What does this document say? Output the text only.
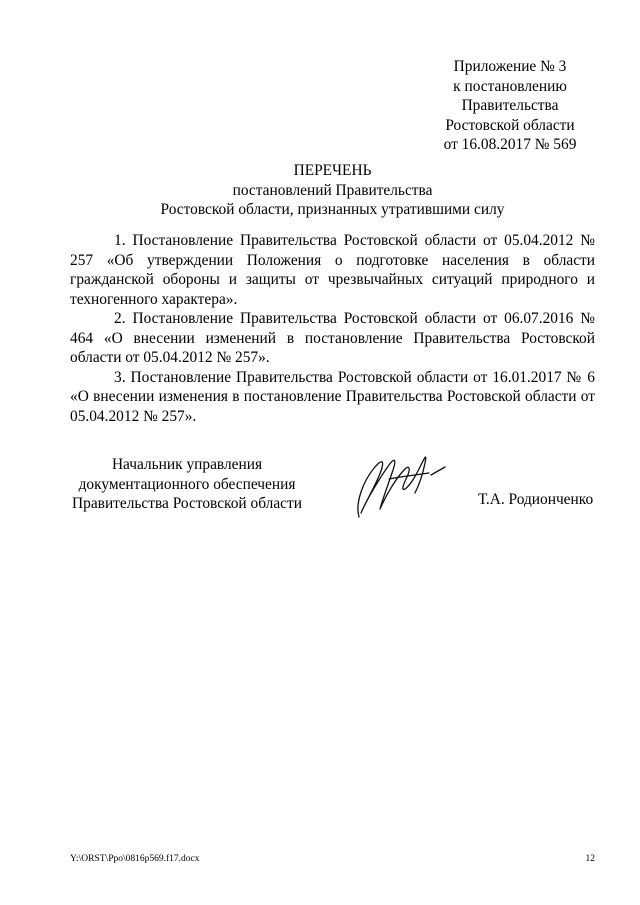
Приложение № 3
к постановлению
Правительства
Ростовской области
от 16.08.2017 № 569
ПЕРЕЧЕНЬ
постановлений Правительства
Ростовской области, признанных утратившими силу

1. Постановление Правительства Ростовской области от 05.04.2012 № 257 «Об утверждении Положения о подготовке населения в области гражданской обороны и защиты от чрезвычайных ситуаций природного и техногенного характера».

2. Постановление Правительства Ростовской области от 06.07.2016 № 464 «О внесении изменений в постановление Правительства Ростовской области от 05.04.2012 № 257».

3. Постановление Правительства Ростовской области от 16.01.2017 № 6 «О внесении изменения в постановление Правительства Ростовской области от 05.04.2012 № 257».

Начальник управления
документационного обеспечения
Правительства Ростовской области	Т.А. Родионченко
Y:\ORST\Ppo\0816p569.f17.docx	12
